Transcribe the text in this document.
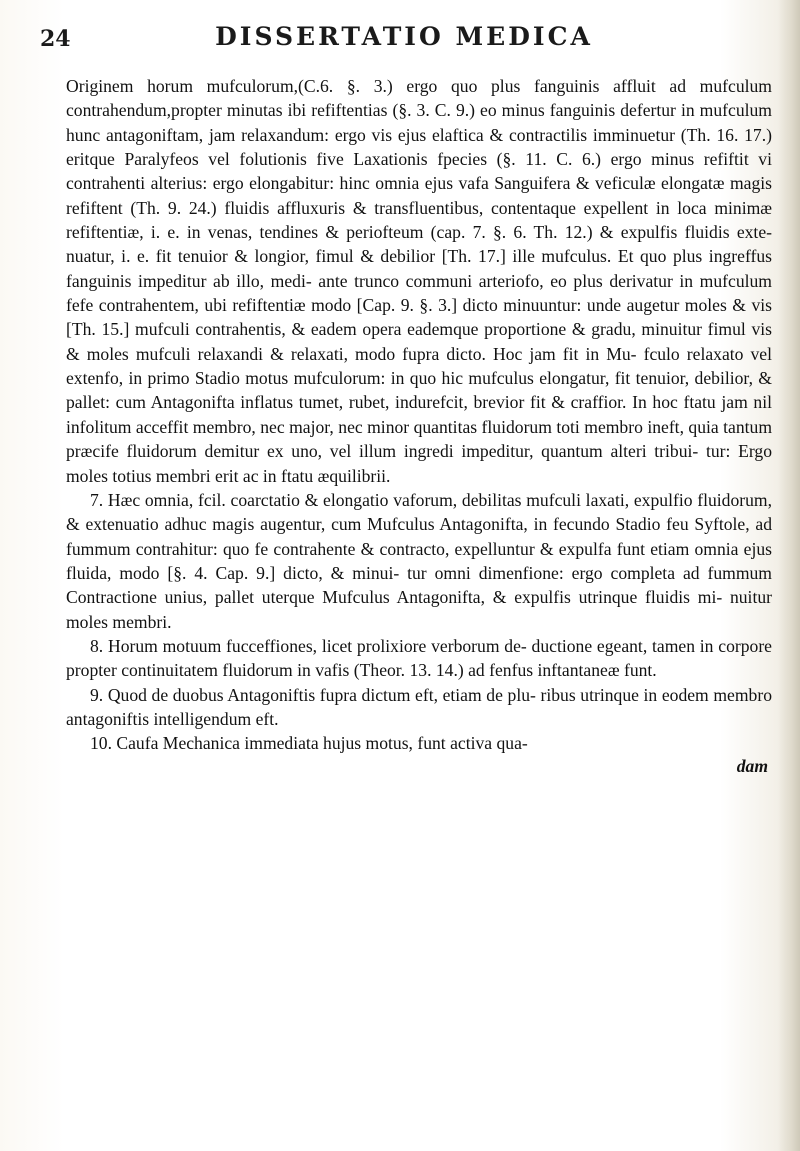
24	DISSERTATIO MEDICA

Originem horum mufculorum,(C.6. §. 3.) ergo quo plus fanguinis affluit ad mufculum contrahendum,propter minutas ibi refiftentias (§. 3. C. 9.) eo minus fanguinis defertur in mufculum hunc antagoniftam, jam relaxandum: ergo vis ejus elaftica & contractilis imminuetur (Th. 16. 17.) eritque Paralyfeos vel folutionis five Laxationis fpecies (§. 11. C. 6.) ergo minus refiftit vi contrahenti alterius: ergo elongabitur: hinc omnia ejus vafa Sanguifera & veficulæ elongatæ magis refiftent (Th. 9. 24.) fluidis affluxuris & transfluentibus, contentaque expellent in loca minimæ refiftentiæ, i. e. in venas, tendines & periofteum (cap. 7. §. 6. Th. 12.) & expulfis fluidis exte- nuatur, i. e. fit tenuior & longior, fimul & debilior [Th. 17.] ille mufculus. Et quo plus ingreffus fanguinis impeditur ab illo, medi- ante trunco communi arteriofo, eo plus derivatur in mufculum fefe contrahentem, ubi refiftentiæ modo [Cap. 9. §. 3.] dicto minuuntur: unde augetur moles & vis [Th. 15.] mufculi contrahentis, & eadem opera eademque proportione & gradu, minuitur fimul vis & moles mufculi relaxandi & relaxati, modo fupra dicto. Hoc jam fit in Mu- fculo relaxato vel extenfo, in primo Stadio motus mufculorum: in quo hic mufculus elongatur, fit tenuior, debilior, & pallet: cum Antagonifta inflatus tumet, rubet, indurefcit, brevior fit & craffior. In hoc ftatu jam nil infolitum acceffit membro, nec major, nec minor quantitas fluidorum toti membro ineft, quia tantum præcife fluidorum demitur ex uno, vel illum ingredi impeditur, quantum alteri tribui- tur: Ergo moles totius membri erit ac in ftatu æquilibrii.

7. Hæc omnia, fcil. coarctatio & elongatio vaforum, debilitas mufculi laxati, expulfio fluidorum, & extenuatio adhuc magis augentur, cum Mufculus Antagonifta, in fecundo Stadio feu Syftole, ad fummum contrahitur: quo fe contrahente & contracto, expelluntur & expulfa funt etiam omnia ejus fluida, modo [§. 4. Cap. 9.] dicto, & minui- tur omni dimenfione: ergo completa ad fummum Contractione unius, pallet uterque Mufculus Antagonifta, & expulfis utrinque fluidis mi- nuitur moles membri.

8. Horum motuum fucceffiones, licet prolixiore verborum de- ductione egeant, tamen in corpore propter continuitatem fluidorum in vafis (Theor. 13. 14.) ad fenfus inftantaneæ funt.

9. Quod de duobus Antagoniftis fupra dictum eft, etiam de plu- ribus utrinque in eodem membro antagoniftis intelligendum eft.

10. Caufa Mechanica immediata hujus motus, funt activa qua-

dam
